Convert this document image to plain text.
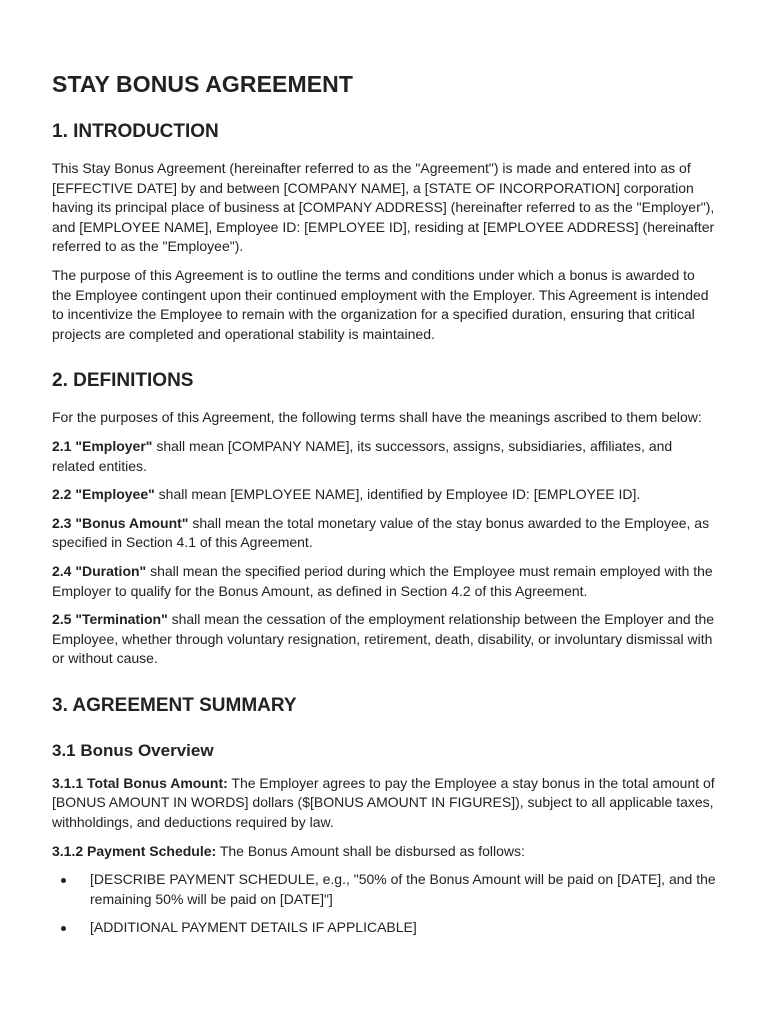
STAY BONUS AGREEMENT
1. INTRODUCTION

This Stay Bonus Agreement (hereinafter referred to as the "Agreement") is made and entered into as of [EFFECTIVE DATE] by and between [COMPANY NAME], a [STATE OF INCORPORATION] corporation having its principal place of business at [COMPANY ADDRESS] (hereinafter referred to as the "Employer"), and [EMPLOYEE NAME], Employee ID: [EMPLOYEE ID], residing at [EMPLOYEE ADDRESS] (hereinafter referred to as the "Employee").

The purpose of this Agreement is to outline the terms and conditions under which a bonus is awarded to the Employee contingent upon their continued employment with the Employer. This Agreement is intended to incentivize the Employee to remain with the organization for a specified duration, ensuring that critical projects are completed and operational stability is maintained.

2. DEFINITIONS

For the purposes of this Agreement, the following terms shall have the meanings ascribed to them below:

2.1 "Employer" shall mean [COMPANY NAME], its successors, assigns, subsidiaries, affiliates, and related entities.

2.2 "Employee" shall mean [EMPLOYEE NAME], identified by Employee ID: [EMPLOYEE ID].

2.3 "Bonus Amount" shall mean the total monetary value of the stay bonus awarded to the Employee, as specified in Section 4.1 of this Agreement.

2.4 "Duration" shall mean the specified period during which the Employee must remain employed with the Employer to qualify for the Bonus Amount, as defined in Section 4.2 of this Agreement.

2.5 "Termination" shall mean the cessation of the employment relationship between the Employer and the Employee, whether through voluntary resignation, retirement, death, disability, or involuntary dismissal with or without cause.

3. AGREEMENT SUMMARY
3.1 Bonus Overview

3.1.1 Total Bonus Amount: The Employer agrees to pay the Employee a stay bonus in the total amount of [BONUS AMOUNT IN WORDS] dollars ($[BONUS AMOUNT IN FIGURES]), subject to all applicable taxes, withholdings, and deductions required by law.

3.1.2 Payment Schedule: The Bonus Amount shall be disbursed as follows:

[DESCRIBE PAYMENT SCHEDULE, e.g., "50% of the Bonus Amount will be paid on [DATE], and the remaining 50% will be paid on [DATE]"]
[ADDITIONAL PAYMENT DETAILS IF APPLICABLE]
